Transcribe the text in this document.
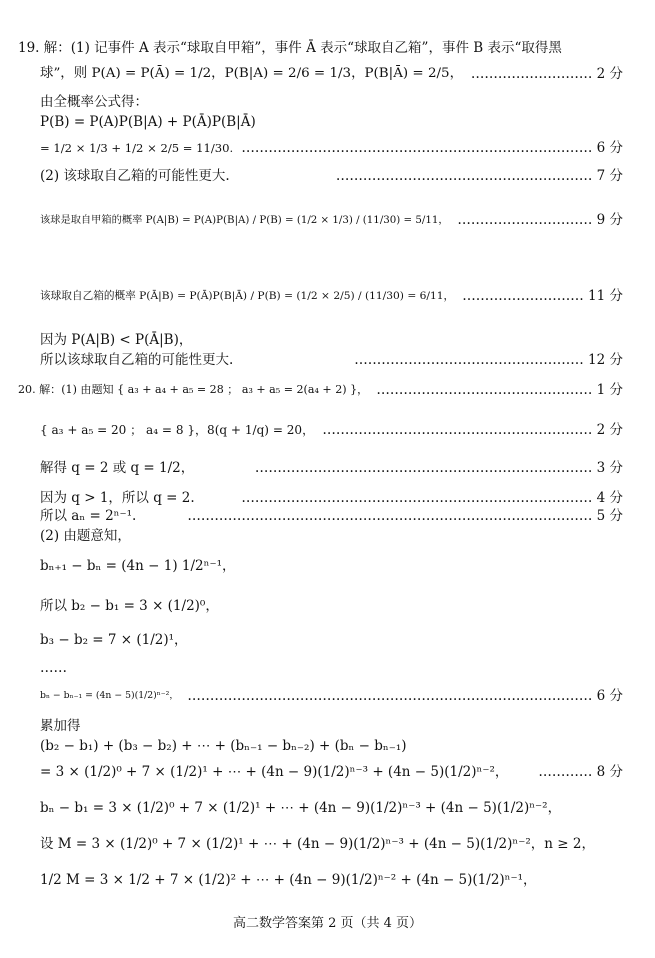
19. 解：(1) 记事件 A 表示“球取自甲箱”，事件 Ā 表示“球取自乙箱”，事件 B 表示“取得黑
球”，则 P(A) = P(Ā) = 1/2，P(B|A) = 2/6 = 1/3，P(B|Ā) = 2/5， ……………………… 2 分
由全概率公式得：
P(B) = P(A)P(B|A) + P(Ā)P(B|Ā)
= 1/2 × 1/3 + 1/2 × 2/5 = 11/30. …………………………………………………………………… 6 分
(2) 该球取自乙箱的可能性更大.	………………………………………………… 7 分
该球是取自甲箱的概率 P(A|B) = P(A)P(B|A) / P(B) = (1/2 × 1/3) / (11/30) = 5/11， ………………………… 9 分
该球取自乙箱的概率 P(Ā|B) = P(Ā)P(B|Ā) / P(B) = (1/2 × 2/5) / (11/30) = 6/11， ……………………… 11 分
因为 P(A|B) < P(Ā|B)，
所以该球取自乙箱的可能性更大.	…………………………………………… 12 分
20. 解：(1) 由题知 { a₃ + a₄ + a₅ = 28 ； a₃ + a₅ = 2(a₄ + 2) }， ………………………………………… 1 分
{ a₃ + a₅ = 20 ； a₄ = 8 }，8(q + 1/q) = 20， …………………………………………………… 2 分
解得 q = 2 或 q = 1/2，	………………………………………………………………… 3 分
因为 q > 1，所以 q = 2.	…………………………………………………………………… 4 分
所以 aₙ = 2ⁿ⁻¹.	……………………………………………………………………………… 5 分
(2) 由题意知，
bₙ₊₁ − bₙ = (4n − 1) 1/2ⁿ⁻¹，
所以 b₂ − b₁ = 3 × (1/2)⁰，
b₃ − b₂ = 7 × (1/2)¹，
……
bₙ − bₙ₋₁ = (4n − 5)(1/2)ⁿ⁻²， ……………………………………………………………………………… 6 分
累加得
(b₂ − b₁) + (b₃ − b₂) + ⋯ + (bₙ₋₁ − bₙ₋₂) + (bₙ − bₙ₋₁)
= 3 × (1/2)⁰ + 7 × (1/2)¹ + ⋯ + (4n − 9)(1/2)ⁿ⁻³ + (4n − 5)(1/2)ⁿ⁻²， ………… 8 分
bₙ − b₁ = 3 × (1/2)⁰ + 7 × (1/2)¹ + ⋯ + (4n − 9)(1/2)ⁿ⁻³ + (4n − 5)(1/2)ⁿ⁻²，
设 M = 3 × (1/2)⁰ + 7 × (1/2)¹ + ⋯ + (4n − 9)(1/2)ⁿ⁻³ + (4n − 5)(1/2)ⁿ⁻²，n ≥ 2，
1/2 M = 3 × 1/2 + 7 × (1/2)² + ⋯ + (4n − 9)(1/2)ⁿ⁻² + (4n − 5)(1/2)ⁿ⁻¹，
高二数学答案第 2 页（共 4 页）
